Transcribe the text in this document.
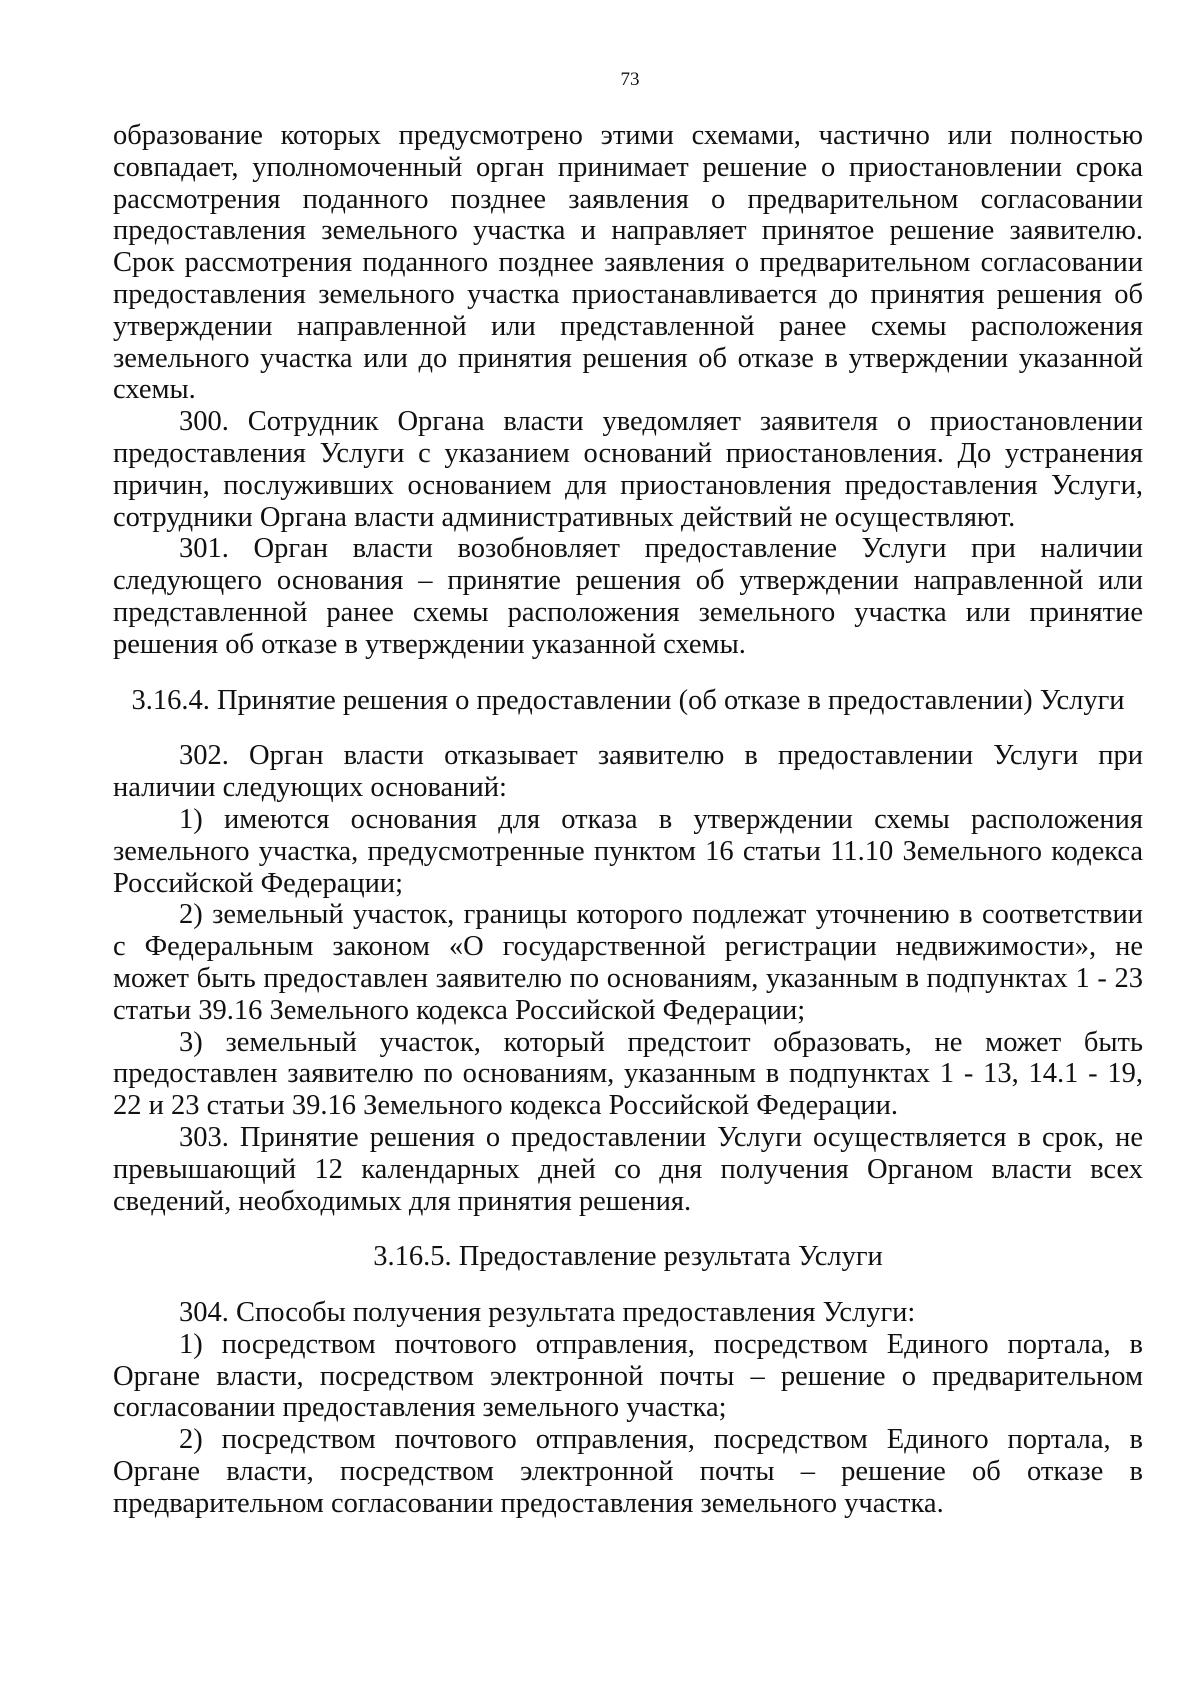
73

образование которых предусмотрено этими схемами, частично или полностью совпадает, уполномоченный орган принимает решение о приостановлении срока рассмотрения поданного позднее заявления о предварительном согласовании предоставления земельного участка и направляет принятое решение заявителю. Срок рассмотрения поданного позднее заявления о предварительном согласовании предоставления земельного участка приостанавливается до принятия решения об утверждении направленной или представленной ранее схемы расположения земельного участка или до принятия решения об отказе в утверждении указанной схемы.

300. Сотрудник Органа власти уведомляет заявителя о приостановлении предоставления Услуги с указанием оснований приостановления. До устранения причин, послуживших основанием для приостановления предоставления Услуги, сотрудники Органа власти административных действий не осуществляют.

301. Орган власти возобновляет предоставление Услуги при наличии следующего основания – принятие решения об утверждении направленной или представленной ранее схемы расположения земельного участка или принятие решения об отказе в утверждении указанной схемы.

3.16.4. Принятие решения о предоставлении (об отказе в предоставлении) Услуги

302. Орган власти отказывает заявителю в предоставлении Услуги при наличии следующих оснований:

1) имеются основания для отказа в утверждении схемы расположения земельного участка, предусмотренные пунктом 16 статьи 11.10 Земельного кодекса Российской Федерации;

2) земельный участок, границы которого подлежат уточнению в соответствии с Федеральным законом «О государственной регистрации недвижимости», не может быть предоставлен заявителю по основаниям, указанным в подпунктах 1 - 23 статьи 39.16 Земельного кодекса Российской Федерации;

3) земельный участок, который предстоит образовать, не может быть предоставлен заявителю по основаниям, указанным в подпунктах 1 - 13, 14.1 - 19, 22 и 23 статьи 39.16 Земельного кодекса Российской Федерации.

303. Принятие решения о предоставлении Услуги осуществляется в срок, не превышающий 12 календарных дней со дня получения Органом власти всех сведений, необходимых для принятия решения.

3.16.5. Предоставление результата Услуги

304. Способы получения результата предоставления Услуги:

1) посредством почтового отправления, посредством Единого портала, в Органе власти, посредством электронной почты – решение о предварительном согласовании предоставления земельного участка;

2) посредством почтового отправления, посредством Единого портала, в Органе власти, посредством электронной почты – решение об отказе в предварительном согласовании предоставления земельного участка.
